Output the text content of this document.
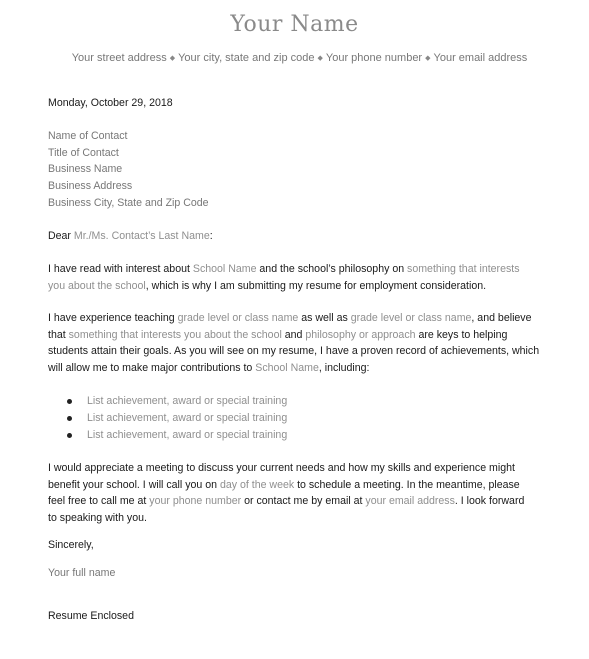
Your Name
Your street address ◆ Your city, state and zip code ◆ Your phone number ◆ Your email address
Monday, October 29, 2018
Name of Contact
Title of Contact
Business Name
Business Address
Business City, State and Zip Code
Dear Mr./Ms. Contact’s Last Name:
I have read with interest about School Name and the school’s philosophy on something that interests
you about the school, which is why I am submitting my resume for employment consideration.
I have experience teaching grade level or class name as well as grade level or class name, and believe
that something that interests you about the school and philosophy or approach are keys to helping
students attain their goals. As you will see on my resume, I have a proven record of achievements, which
will allow me to make major contributions to School Name, including:
List achievement, award or special training
List achievement, award or special training
List achievement, award or special training
I would appreciate a meeting to discuss your current needs and how my skills and experience might
benefit your school. I will call you on day of the week to schedule a meeting. In the meantime, please
feel free to call me at your phone number or contact me by email at your email address. I look forward
to speaking with you.
Sincerely,
Your full name
Resume Enclosed
